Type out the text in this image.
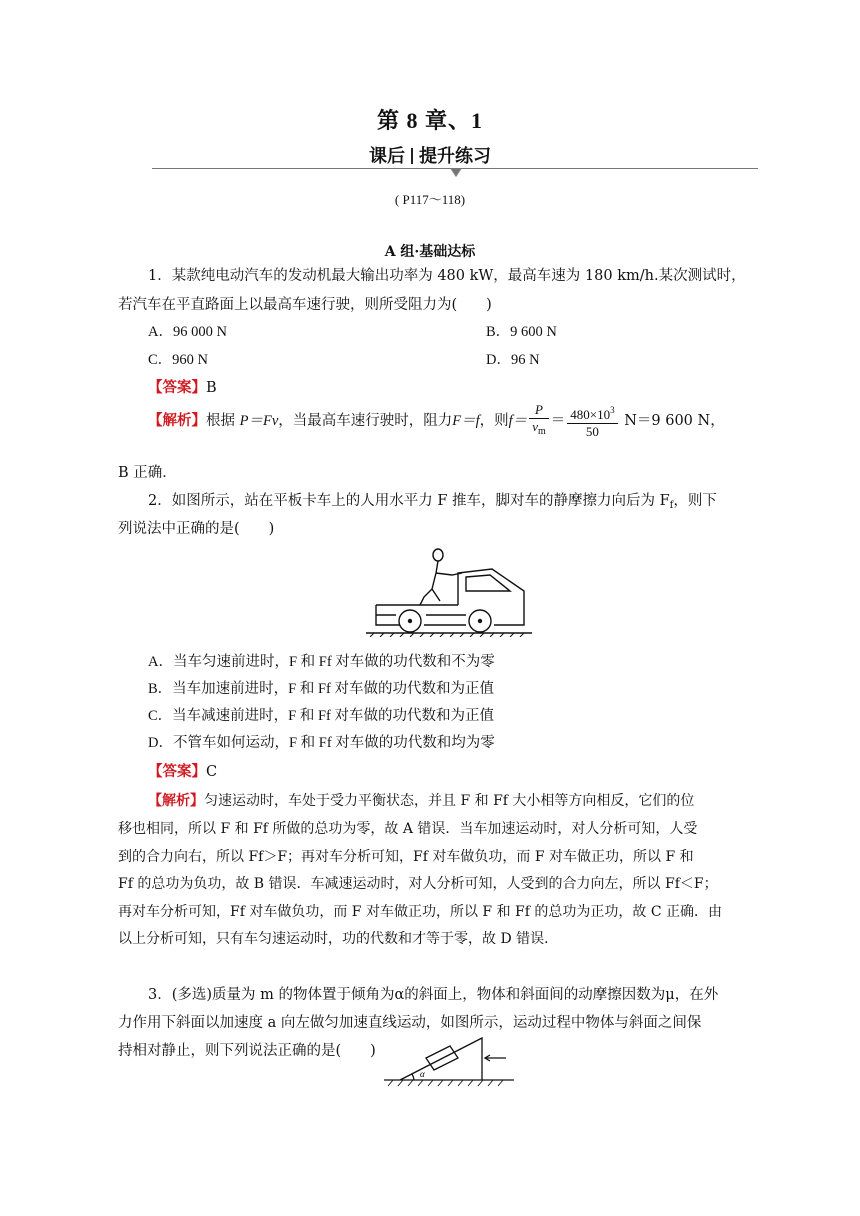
第 8 章、1
课后 提升练习
( P117～118)
A 组·基础达标
1．某款纯电动汽车的发动机最大输出功率为 480 kW，最高车速为 180 km/h.某次测试时，
若汽车在平直路面上以最高车速行驶，则所受阻力为(　　)
A．96 000 N	B．9 600 N
C．960 N	D．96 N
【答案】B
【解析】根据 P＝Fv，当最高车速行驶时，阻力F＝f，则$f= \frac{P}{v_m} = \frac{480\times 10^3}{50} N=9$ 600 N，
B 正确．
2．如图所示，站在平板卡车上的人用水平力 F 推车，脚对车的静摩擦力向后为 $F_f$，则下
列说法中正确的是(　　)
A．当车匀速前进时，F 和 Ff 对车做的功代数和不为零
B．当车加速前进时，F 和 Ff 对车做的功代数和为正值
C．当车减速前进时，F 和 Ff 对车做的功代数和为正值
D．不管车如何运动，F 和 Ff 对车做的功代数和均为零
【答案】C
【解析】匀速运动时，车处于受力平衡状态，并且 F 和 Ff 大小相等方向相反，它们的位
移也相同，所以 F 和 Ff 所做的总功为零，故 A 错误．当车加速运动时，对人分析可知，人受
到的合力向右，所以 Ff＞F；再对车分析可知，Ff 对车做负功，而 F 对车做正功，所以 F 和
Ff 的总功为负功，故 B 错误．车减速运动时，对人分析可知，人受到的合力向左，所以 Ff＜F；
再对车分析可知，Ff 对车做负功，而 F 对车做正功，所以 F 和 Ff 的总功为正功，故 C 正确．由
以上分析可知，只有车匀速运动时，功的代数和才等于零，故 D 错误．
3．(多选)质量为 m 的物体置于倾角为α的斜面上，物体和斜面间的动摩擦因数为μ，在外
力作用下斜面以加速度 a 向左做匀加速直线运动，如图所示，运动过程中物体与斜面之间保
持相对静止，则下列说法正确的是(　　)
α
